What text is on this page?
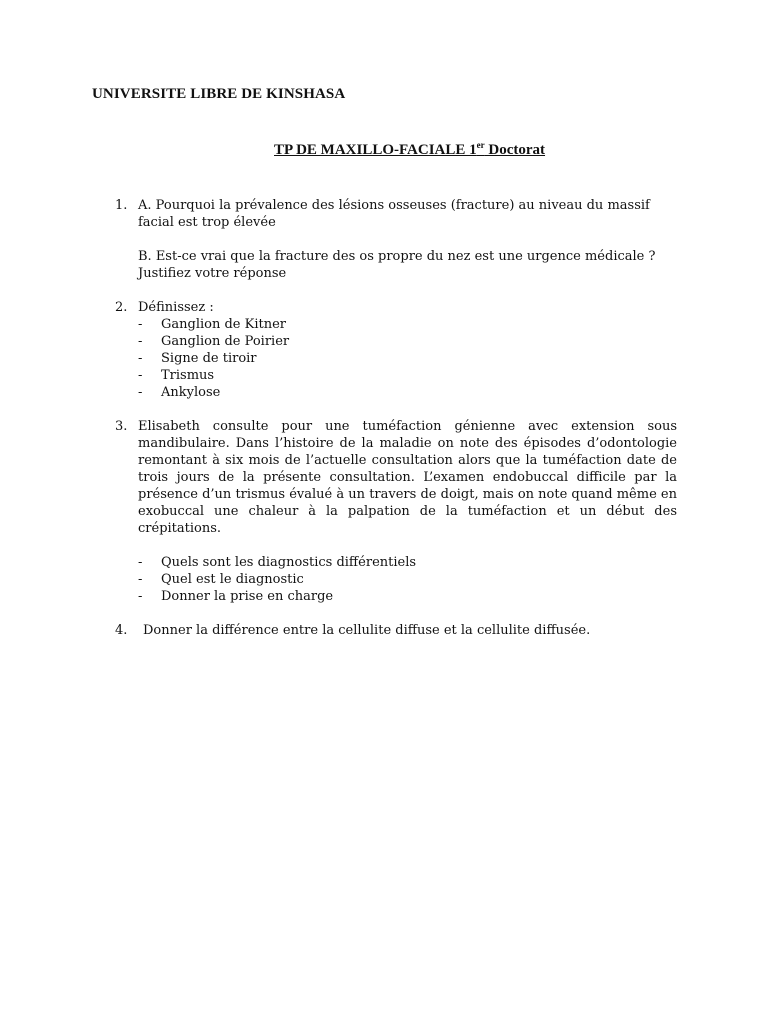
UNIVERSITE LIBRE DE KINSHASA
TP DE MAXILLO-FACIALE 1er Doctorat
1. A. Pourquoi la prévalence des lésions osseuses (fracture) au niveau du massif facial est trop élevée

B. Est-ce vrai que la fracture des os propre du nez est une urgence médicale ? Justifiez votre réponse

2. Définissez :

- Ganglion de Kitner
- Ganglion de Poirier
- Signe de tiroir
- Trismus
- Ankylose
3. Elisabeth consulte pour une tuméfaction génienne avec extension sous mandibulaire. Dans l’histoire de la maladie on note des épisodes d’odontologie remontant à six mois de l’actuelle consultation alors que la tuméfaction date de trois jours de la présente consultation. L’examen endobuccal difficile par la présence d’un trismus évalué à un travers de doigt, mais on note quand même en exobuccal une chaleur à la palpation de la tuméfaction et un début des crépitations.

- Quels sont les diagnostics différentiels
- Quel est le diagnostic
- Donner la prise en charge
4. Donner la différence entre la cellulite diffuse et la cellulite diffusée.
